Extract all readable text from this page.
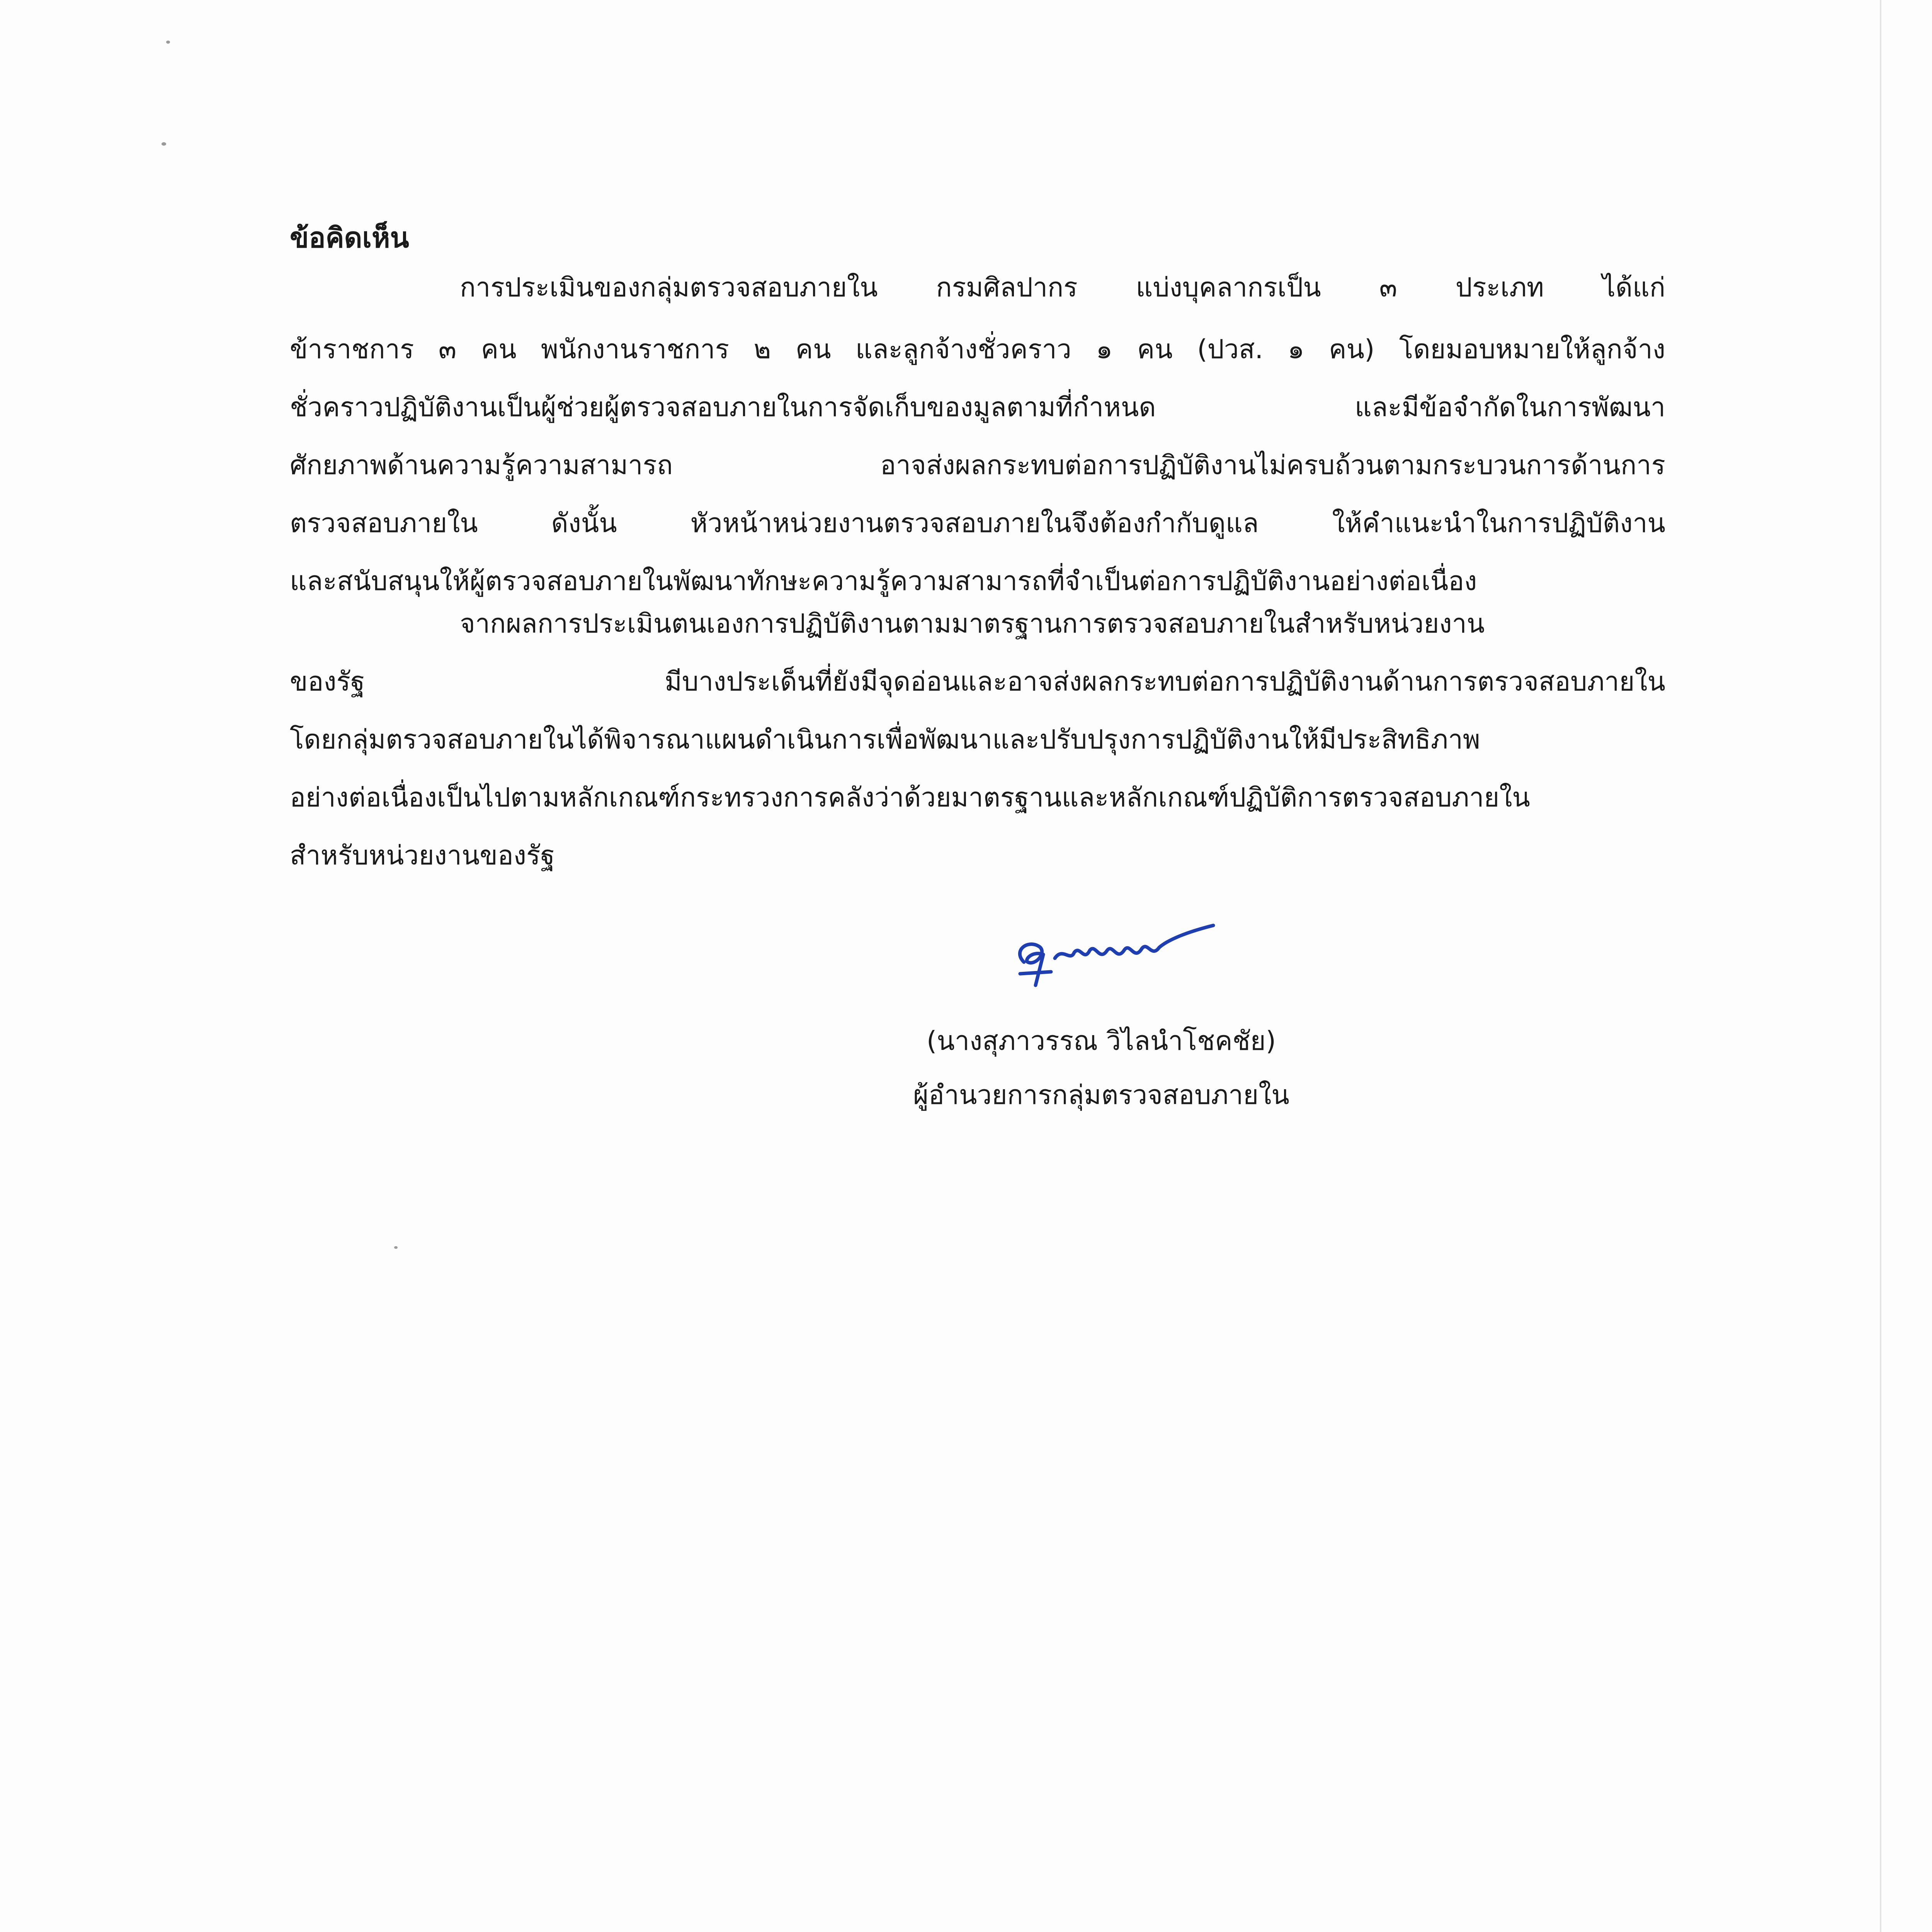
ข้อคิดเห็น
การประเมินของกลุ่มตรวจสอบภายใน กรมศิลปากร แบ่งบุคลากรเป็น ๓ ประเภท ได้แก่
ข้าราชการ ๓ คน พนักงานราชการ ๒ คน และลูกจ้างชั่วคราว ๑ คน (ปวส. ๑ คน) โดยมอบหมายให้ลูกจ้าง
ชั่วคราวปฏิบัติงานเป็นผู้ช่วยผู้ตรวจสอบภายในการจัดเก็บของมูลตามที่กำหนด และมีข้อจำกัดในการพัฒนา
ศักยภาพด้านความรู้ความสามารถ อาจส่งผลกระทบต่อการปฏิบัติงานไม่ครบถ้วนตามกระบวนการด้านการ
ตรวจสอบภายใน ดังนั้น หัวหน้าหน่วยงานตรวจสอบภายในจึงต้องกำกับดูแล ให้คำแนะนำในการปฏิบัติงาน
และสนับสนุนให้ผู้ตรวจสอบภายในพัฒนาทักษะความรู้ความสามารถที่จำเป็นต่อการปฏิบัติงานอย่างต่อเนื่อง
จากผลการประเมินตนเองการปฏิบัติงานตามมาตรฐานการตรวจสอบภายในสำหรับหน่วยงาน
ของรัฐ มีบางประเด็นที่ยังมีจุดอ่อนและอาจส่งผลกระทบต่อการปฏิบัติงานด้านการตรวจสอบภายใน
โดยกลุ่มตรวจสอบภายในได้พิจารณาแผนดำเนินการเพื่อพัฒนาและปรับปรุงการปฏิบัติงานให้มีประสิทธิภาพ
อย่างต่อเนื่องเป็นไปตามหลักเกณฑ์กระทรวงการคลังว่าด้วยมาตรฐานและหลักเกณฑ์ปฏิบัติการตรวจสอบภายใน
สำหรับหน่วยงานของรัฐ
(นางสุภาวรรณ วิไลนำโชคชัย)
ผู้อำนวยการกลุ่มตรวจสอบภายใน
